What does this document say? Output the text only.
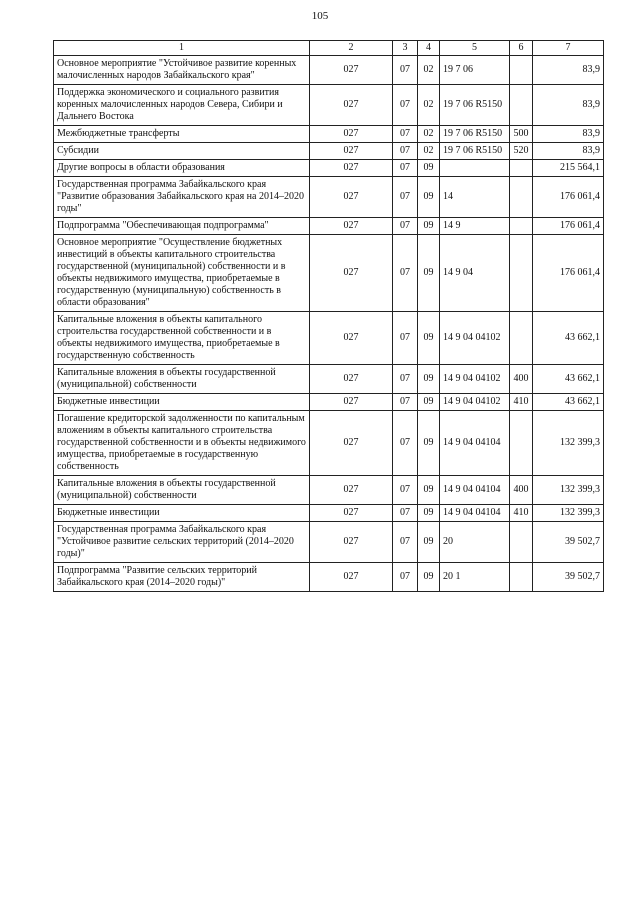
105
1	2	3	4	5	6	7
Основное мероприятие "Устойчивое развитие коренных малочисленных народов Забайкальского края"	027	07	02	19 7 06		83,9
Поддержка экономического и социального развития коренных малочисленных народов Севера, Сибири и Дальнего Востока	027	07	02	19 7 06 R5150		83,9
Межбюджетные трансферты	027	07	02	19 7 06 R5150	500	83,9
Субсидии	027	07	02	19 7 06 R5150	520	83,9
Другие вопросы в области образования	027	07	09			215 564,1
Государственная программа Забайкальского края "Развитие образования Забайкальского края на 2014–2020 годы"	027	07	09	14		176 061,4
Подпрограмма "Обеспечивающая подпрограмма"	027	07	09	14 9		176 061,4
Основное мероприятие "Осуществление бюджетных инвестиций в объекты капитального строительства государственной (муниципальной) собственности и в объекты недвижимого имущества, приобретаемые в государственную (муниципальную) собственность в области образования"	027	07	09	14 9 04		176 061,4
Капитальные вложения в объекты капитального строительства государственной собственности и в объекты недвижимого имущества, приобретаемые в государственную собственность	027	07	09	14 9 04 04102		43 662,1
Капитальные вложения в объекты государственной (муниципальной) собственности	027	07	09	14 9 04 04102	400	43 662,1
Бюджетные инвестиции	027	07	09	14 9 04 04102	410	43 662,1
Погашение кредиторской задолженности по капитальным вложениям в объекты капитального строительства государственной собственности и в объекты недвижимого имущества, приобретаемые в государственную собственность	027	07	09	14 9 04 04104		132 399,3
Капитальные вложения в объекты государственной (муниципальной) собственности	027	07	09	14 9 04 04104	400	132 399,3
Бюджетные инвестиции	027	07	09	14 9 04 04104	410	132 399,3
Государственная программа Забайкальского края "Устойчивое развитие сельских территорий (2014–2020 годы)"	027	07	09	20		39 502,7
Подпрограмма "Развитие сельских территорий Забайкальского края (2014–2020 годы)"	027	07	09	20 1		39 502,7
